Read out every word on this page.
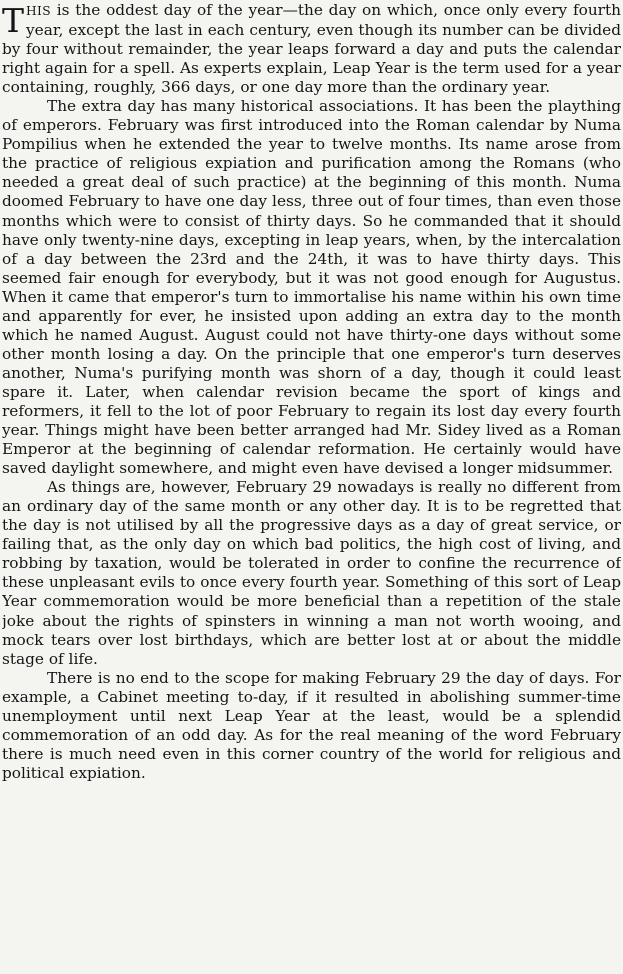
THIS is the oddest day of the year—the day on which, once only every fourth year, except the last in each century, even though its number can be divided by four without remainder, the year leaps forward a day and puts the calendar right again for a spell. As experts explain, Leap Year is the term used for a year containing, roughly, 366 days, or one day more than the ordinary year.

The extra day has many historical associations. It has been the plaything of emperors. February was first introduced into the Roman calendar by Numa Pompilius when he extended the year to twelve months. Its name arose from the practice of religious expiation and purification among the Romans (who needed a great deal of such practice) at the beginning of this month. Numa doomed February to have one day less, three out of four times, than even those months which were to consist of thirty days. So he commanded that it should have only twenty-nine days, excepting in leap years, when, by the intercalation of a day between the 23rd and the 24th, it was to have thirty days. This seemed fair enough for everybody, but it was not good enough for Augustus. When it came that emperor's turn to immortalise his name within his own time and apparently for ever, he insisted upon adding an extra day to the month which he named August. August could not have thirty-one days without some other month losing a day. On the principle that one emperor's turn deserves another, Numa's purifying month was shorn of a day, though it could least spare it. Later, when calendar revision became the sport of kings and reformers, it fell to the lot of poor February to regain its lost day every fourth year. Things might have been better arranged had Mr. Sidey lived as a Roman Emperor at the beginning of calendar reformation. He certainly would have saved daylight somewhere, and might even have devised a longer midsummer.

As things are, however, February 29 nowadays is really no different from an ordinary day of the same month or any other day. It is to be regretted that the day is not utilised by all the progressive days as a day of great service, or failing that, as the only day on which bad politics, the high cost of living, and robbing by taxation, would be tolerated in order to confine the recurrence of these unpleasant evils to once every fourth year. Something of this sort of Leap Year commemoration would be more beneficial than a repetition of the stale joke about the rights of spinsters in winning a man not worth wooing, and mock tears over lost birthdays, which are better lost at or about the middle stage of life.

There is no end to the scope for making February 29 the day of days. For example, a Cabinet meeting to-day, if it resulted in abolishing summer-time unemployment until next Leap Year at the least, would be a splendid commemoration of an odd day. As for the real meaning of the word February there is much need even in this corner country of the world for religious and political expiation.
